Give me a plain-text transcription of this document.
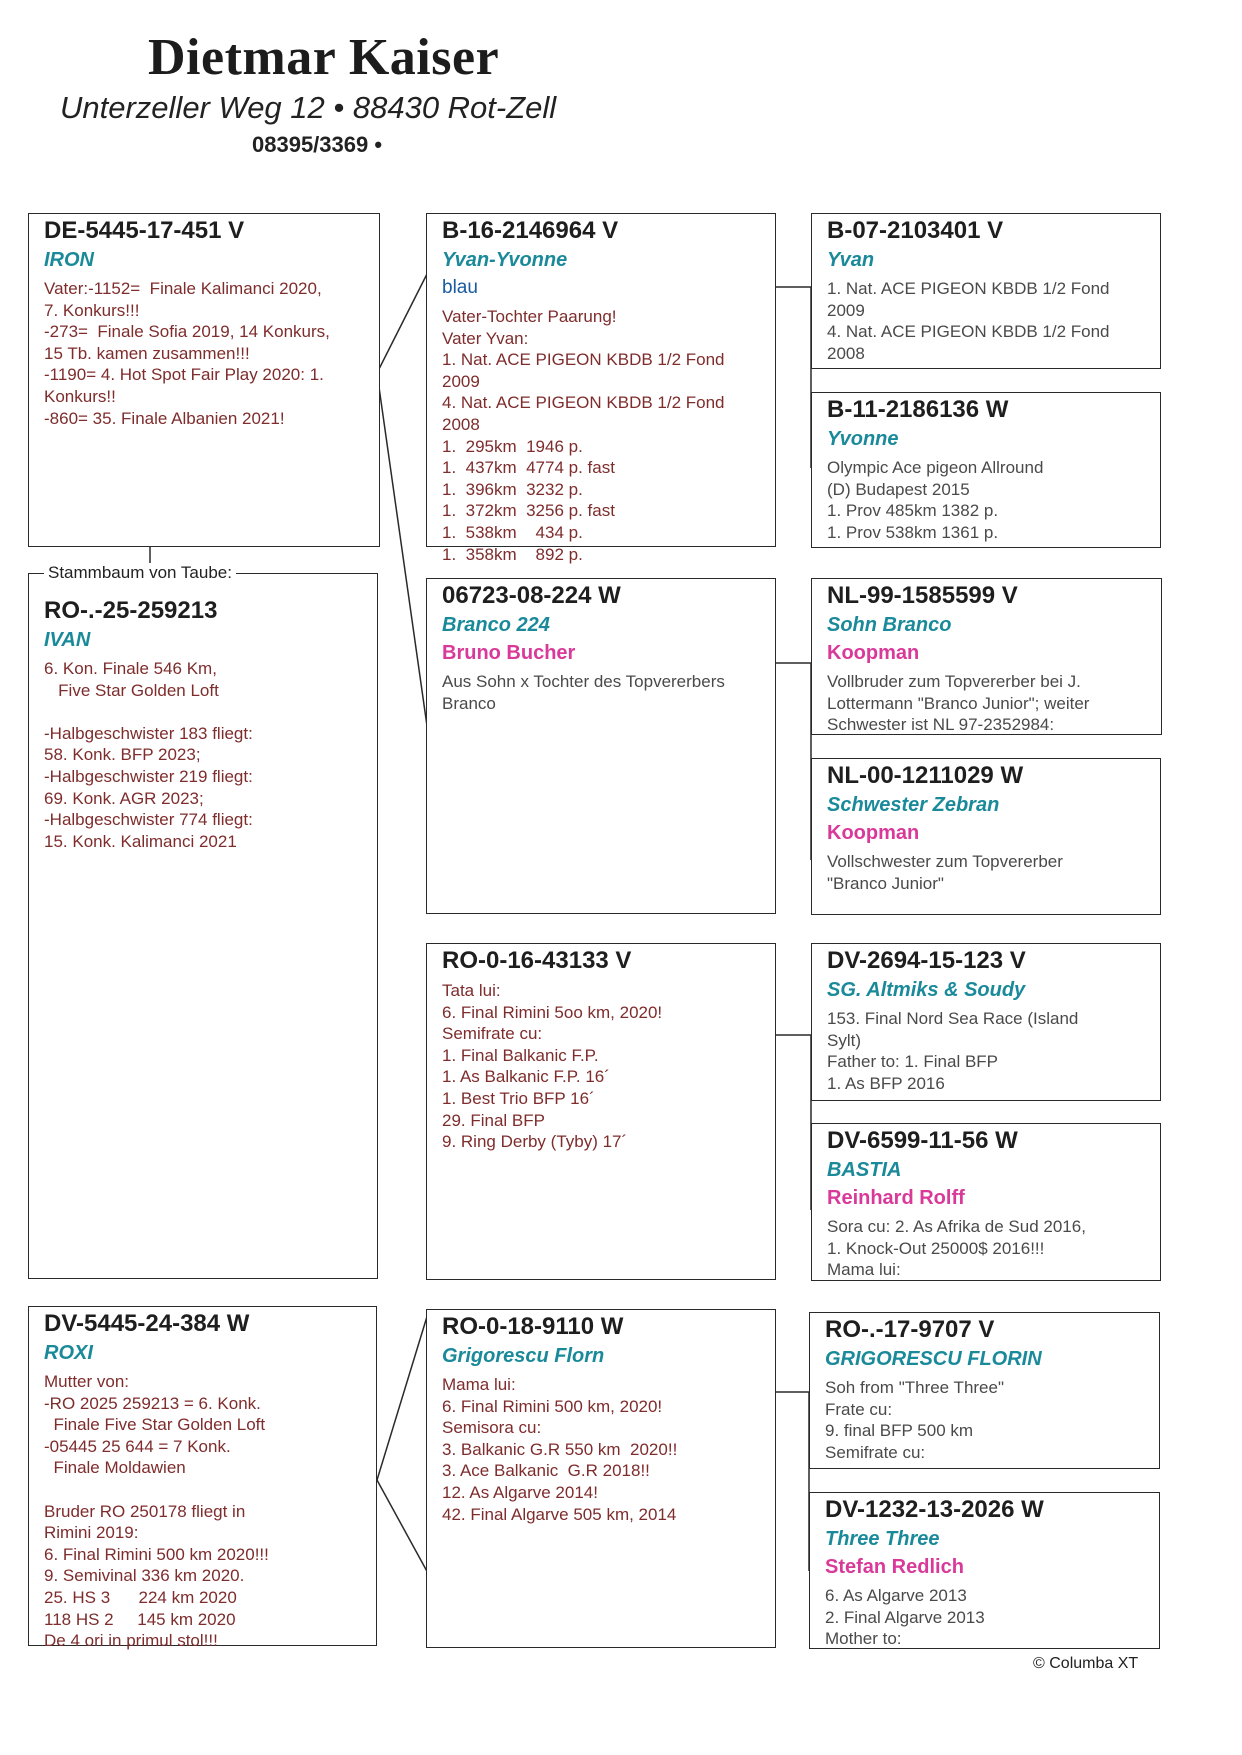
Dietmar Kaiser
Unterzeller Weg 12 • 88430 Rot-Zell
08395/3369 •
DE-5445-17-451 V
IRON
Vater:-1152=  Finale Kalimanci 2020,
7. Konkurs!!!
-273=  Finale Sofia 2019, 14 Konkurs,
15 Tb. kamen zusammen!!!
-1190= 4. Hot Spot Fair Play 2020: 1.
Konkurs!!
-860= 35. Finale Albanien 2021!
RO-.-25-259213
IVAN
6. Kon. Finale 546 Km,
Five Star Golden Loft

-Halbgeschwister 183 fliegt:
58. Konk. BFP 2023;
-Halbgeschwister 219 fliegt:
69. Konk. AGR 2023;
-Halbgeschwister 774 fliegt:
15. Konk. Kalimanci 2021
Stammbaum von Taube:
DV-5445-24-384 W
ROXI
Mutter von:
-RO 2025 259213 = 6. Konk.
Finale Five Star Golden Loft
-05445 25 644 = 7 Konk.
Finale Moldawien

Bruder RO 250178 fliegt in
Rimini 2019:
6. Final Rimini 500 km 2020!!!
9. Semivinal 336 km 2020.
25. HS 3      224 km 2020
118 HS 2     145 km 2020
De 4 ori in primul stol!!!
B-16-2146964 V
Yvan-Yvonne
blau
Vater-Tochter Paarung!
Vater Yvan:
1. Nat. ACE PIGEON KBDB 1/2 Fond
2009
4. Nat. ACE PIGEON KBDB 1/2 Fond
2008
1.  295km  1946 p.
1.  437km  4774 p. fast
1.  396km  3232 p.
1.  372km  3256 p. fast
1.  538km    434 p.
1.  358km    892 p.
06723-08-224 W
Branco 224
Bruno Bucher
Aus Sohn x Tochter des Topvererbers
Branco
RO-0-16-43133 V
Tata lui:
6. Final Rimini 5oo km, 2020!
Semifrate cu:
1. Final Balkanic F.P.
1. As Balkanic F.P. 16´
1. Best Trio BFP 16´
29. Final BFP
9. Ring Derby (Tyby) 17´
RO-0-18-9110 W
Grigorescu Florn
Mama lui:
6. Final Rimini 500 km, 2020!
Semisora cu:
3. Balkanic G.R 550 km  2020!!
3. Ace Balkanic  G.R 2018!!
12. As Algarve 2014!
42. Final Algarve 505 km, 2014
B-07-2103401 V
Yvan
1. Nat. ACE PIGEON KBDB 1/2 Fond
2009
4. Nat. ACE PIGEON KBDB 1/2 Fond
2008
B-11-2186136 W
Yvonne
Olympic Ace pigeon Allround
(D) Budapest 2015
1. Prov 485km 1382 p.
1. Prov 538km 1361 p.
NL-99-1585599 V
Sohn Branco
Koopman
Vollbruder zum Topvererber bei J.
Lottermann "Branco Junior"; weiter
Schwester ist NL 97-2352984:
NL-00-1211029 W
Schwester Zebran
Koopman
Vollschwester zum Topvererber
"Branco Junior"
DV-2694-15-123 V
SG. Altmiks & Soudy
153. Final Nord Sea Race (Island
Sylt)
Father to: 1. Final BFP
1. As BFP 2016
DV-6599-11-56 W
BASTIA
Reinhard Rolff
Sora cu: 2. As Afrika de Sud 2016,
1. Knock-Out 25000$ 2016!!!
Mama lui:
RO-.-17-9707 V
GRIGORESCU FLORIN
Soh from "Three Three"
Frate cu:
9. final BFP 500 km
Semifrate cu:
DV-1232-13-2026 W
Three Three
Stefan Redlich
6. As Algarve 2013
2. Final Algarve 2013
Mother to:
© Columba XT
